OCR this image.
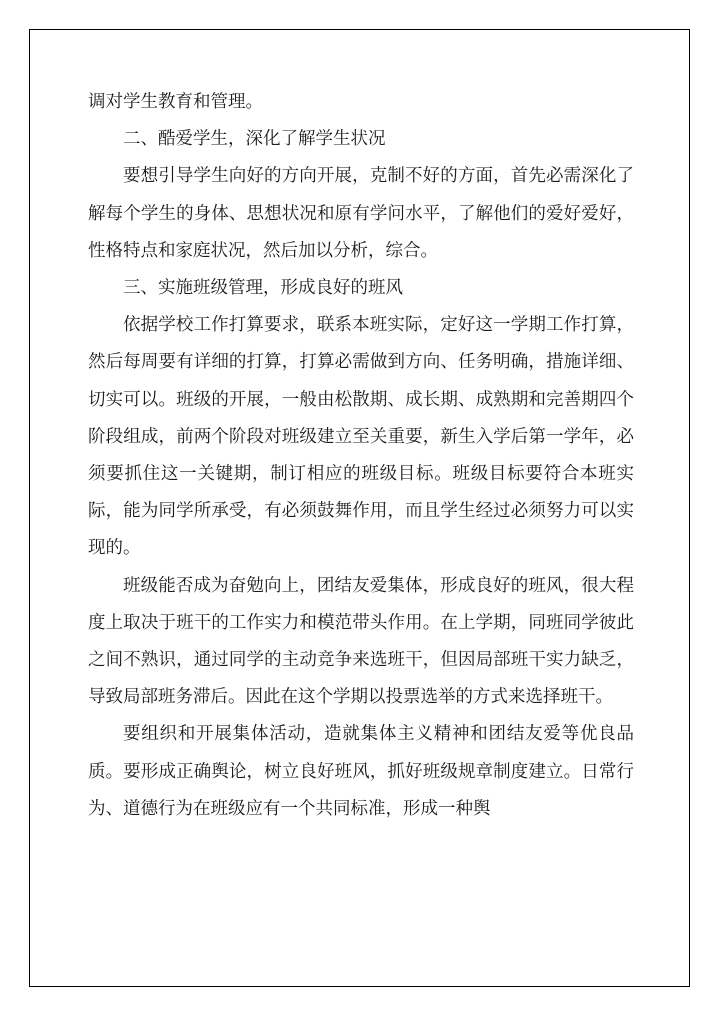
调对学生教育和管理。

二、酷爱学生，深化了解学生状况

要想引导学生向好的方向开展，克制不好的方面，首先必需深化了解每个学生的身体、思想状况和原有学问水平，了解他们的爱好爱好，性格特点和家庭状况，然后加以分析，综合。

三、实施班级管理，形成良好的班风

依据学校工作打算要求，联系本班实际，定好这一学期工作打算，然后每周要有详细的打算，打算必需做到方向、任务明确，措施详细、切实可以。班级的开展，一般由松散期、成长期、成熟期和完善期四个阶段组成，前两个阶段对班级建立至关重要，新生入学后第一学年，必须要抓住这一关键期，制订相应的班级目标。班级目标要符合本班实际，能为同学所承受，有必须鼓舞作用，而且学生经过必须努力可以实现的。

班级能否成为奋勉向上，团结友爱集体，形成良好的班风，很大程度上取决于班干的工作实力和模范带头作用。在上学期，同班同学彼此之间不熟识，通过同学的主动竞争来选班干，但因局部班干实力缺乏，导致局部班务滞后。因此在这个学期以投票选举的方式来选择班干。

要组织和开展集体活动，造就集体主义精神和团结友爱等优良品质。要形成正确舆论，树立良好班风，抓好班级规章制度建立。日常行为、道德行为在班级应有一个共同标准，形成一种舆
